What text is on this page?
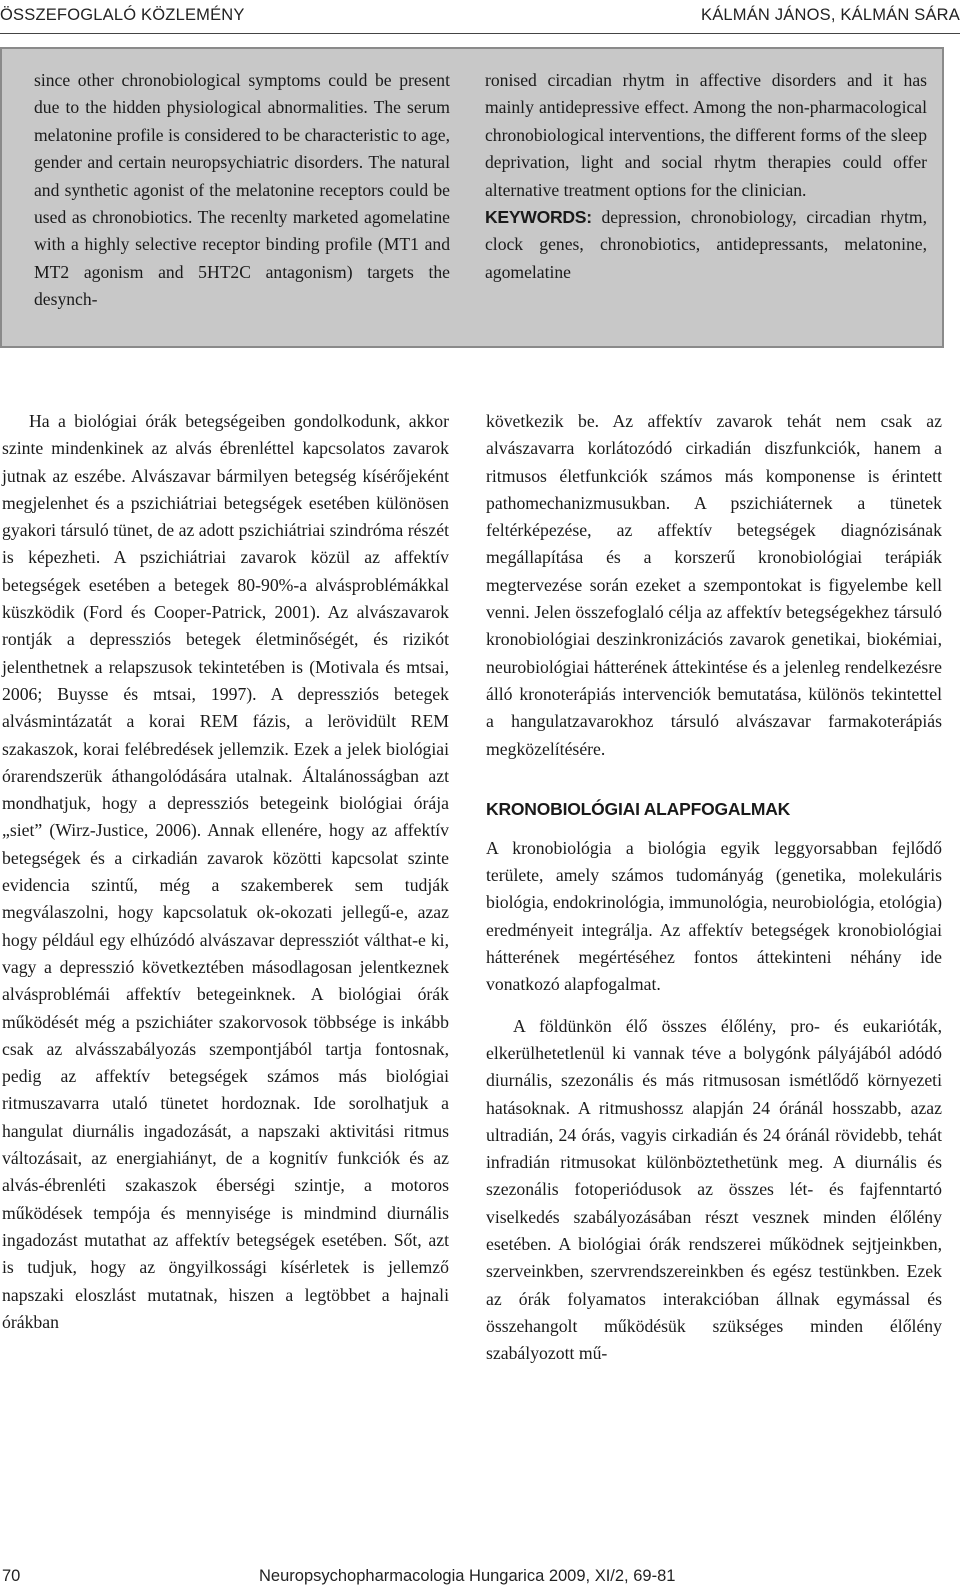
ÖSSZEFOGLALÓ KÖZLEMÉNY	KÁLMÁN JÁNOS, KÁLMÁN SÁRA

since other chronobiological symptoms could be present due to the hidden physiological abnormalities. The serum melatonine profile is considered to be characteristic to age, gender and certain neuropsychiatric disorders. The natural and synthetic agonist of the melatonine receptors could be used as chronobiotics. The recenlty marketed agomelatine with a highly selective receptor binding profile (MT1 and MT2 agonism and 5HT2C antagonism) targets the desynch-

ronised circadian rhytm in affective disorders and it has mainly antidepressive effect. Among the non-pharmacological chronobiological interventions, the different forms of the sleep deprivation, light and social rhytm therapies could offer alternative treatment options for the clinician.

KEYWORDS: depression, chronobiology, circadian rhytm, clock genes, chronobiotics, antidepressants, melatonine, agomelatine

Ha a biológiai órák betegségeiben gondolkodunk, akkor szinte mindenkinek az alvás ébrenléttel kapcsolatos zavarok jutnak az eszébe. Alvászavar bármilyen betegség kísérőjeként megjelenhet és a pszichiátriai betegségek esetében különösen gyakori társuló tünet, de az adott pszichiátriai szindróma részét is képezheti. A pszichiátriai zavarok közül az affektív betegségek esetében a betegek 80-90%-a alvásproblémákkal küszködik (Ford és Cooper-Patrick, 2001). Az alvászavarok rontják a depressziós betegek életminőségét, és rizikót jelenthetnek a relapszusok tekintetében is (Motivala és mtsai, 2006; Buysse és mtsai, 1997). A depressziós betegek alvásmintázatát a korai REM fázis, a lerövidült REM szakaszok, korai felébredések jellemzik. Ezek a jelek biológiai órarendszerük áthangolódására utalnak. Általánosságban azt mondhatjuk, hogy a depressziós betegeink biológiai órája „siet” (Wirz-Justice, 2006). Annak ellenére, hogy az affektív betegségek és a cirkadián zavarok közötti kapcsolat szinte evidencia szintű, még a szakemberek sem tudják megválaszolni, hogy kapcsolatuk ok-okozati jellegű-e, azaz hogy például egy elhúzódó alvászavar depressziót válthat-e ki, vagy a depresszió következtében másodlagosan jelentkeznek alvásproblémái affektív betegeinknek. A biológiai órák működését még a pszichiáter szakorvosok többsége is inkább csak az alvásszabályozás szempontjából tartja fontosnak, pedig az affektív betegségek számos más biológiai ritmuszavarra utaló tünetet hordoznak. Ide sorolhatjuk a hangulat diurnális ingadozását, a napszaki aktivitási ritmus változásait, az energiahiányt, de a kognitív funkciók és az alvás-ébrenléti szakaszok éberségi szintje, a motoros működések tempója és mennyisége is mindmind diurnális ingadozást mutathat az affektív betegségek esetében. Sőt, azt is tudjuk, hogy az öngyilkossági kísérletek is jellemző napszaki eloszlást mutatnak, hiszen a legtöbbet a hajnali órákban

következik be. Az affektív zavarok tehát nem csak az alvászavarra korlátozódó cirkadián diszfunkciók, hanem a ritmusos életfunkciók számos más komponense is érintett pathomechanizmusukban. A pszichiáternek a tünetek feltérképezése, az affektív betegségek diagnózisának megállapítása és a korszerű kronobiológiai terápiák megtervezése során ezeket a szempontokat is figyelembe kell venni. Jelen összefoglaló célja az affektív betegségekhez társuló kronobiológiai deszinkronizációs zavarok genetikai, biokémiai, neurobiológiai hátterének áttekintése és a jelenleg rendelkezésre álló kronoterápiás intervenciók bemutatása, különös tekintettel a hangulatzavarokhoz társuló alvászavar farmakoterápiás megközelítésére.

KRONOBIOLÓGIAI ALAPFOGALMAK

A kronobiológia a biológia egyik leggyorsabban fejlődő területe, amely számos tudományág (genetika, molekuláris biológia, endokrinológia, immunológia, neurobiológia, etológia) eredményeit integrálja. Az affektív betegségek kronobiológiai hátterének megértéséhez fontos áttekinteni néhány ide vonatkozó alapfogalmat.

A földünkön élő összes élőlény, pro- és eukarióták, elkerülhetetlenül ki vannak téve a bolygónk pályájából adódó diurnális, szezonális és más ritmusosan ismétlődő környezeti hatásoknak. A ritmushossz alapján 24 óránál hosszabb, azaz ultradián, 24 órás, vagyis cirkadián és 24 óránál rövidebb, tehát infradián ritmusokat különböztethetünk meg. A diurnális és szezonális fotoperiódusok az összes lét- és fajfenntartó viselkedés szabályozásában részt vesznek minden élőlény esetében. A biológiai órák rendszerei működnek sejtjeinkben, szerveinkben, szervrendszereinkben és egész testünkben. Ezek az órák folyamatos interakcióban állnak egymással és összehangolt működésük szükséges minden élőlény szabályozott mű-

70	Neuropsychopharmacologia Hungarica 2009, XI/2, 69-81
